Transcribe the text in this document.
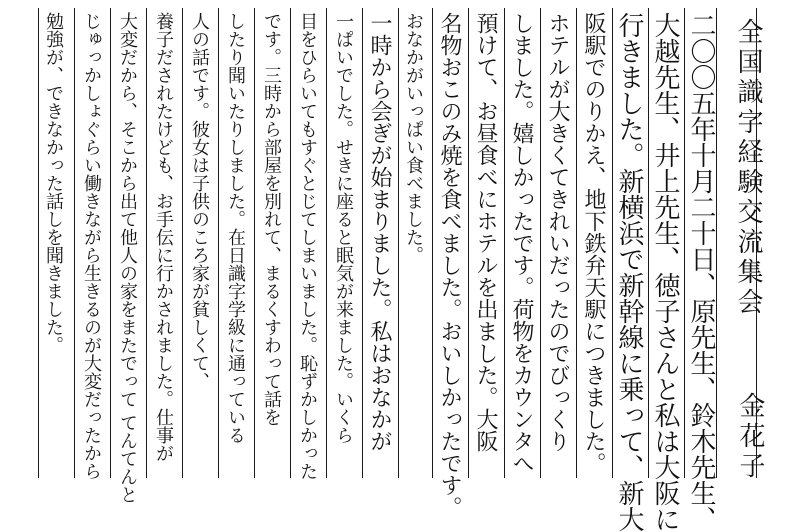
全国識字経験交流集会
金花子
二〇〇五年十月二十日、原先生、鈴木先生、
大越先生、井上先生、徳子さんと私は大阪に
行きました。新横浜で新幹線に乗って、新大
阪駅でのりかえ、地下鉄弁天駅につきました。
ホテルが大きくてきれいだったのでびっくり
しました。嬉しかったです。荷物をカウンタへ
預けて、お昼食べにホテルを出ました。大阪
名物おこのみ焼を食べました。おいしかったです。
おなかがいっぱい食べました。
一時から会ぎが始まりました。私はおなかが
一ぱいでした。せきに座ると眠気が来ました。いくら
目をひらいてもすぐとじてしまいました。恥ずかしかった
です。三時から部屋を別れて、まるくすわって話を
したり聞いたりしました。在日識字学級に通っている
人の話です。彼女は子供のころ家が貧しくて、
養子だされたけども、お手伝に行かされました。仕事が
大変だから、そこから出て他人の家をまたでって てんてんと
じゅっかしょぐらい働きながら生きるのが大変だったから
勉強が、できなかった話しを聞きました。
